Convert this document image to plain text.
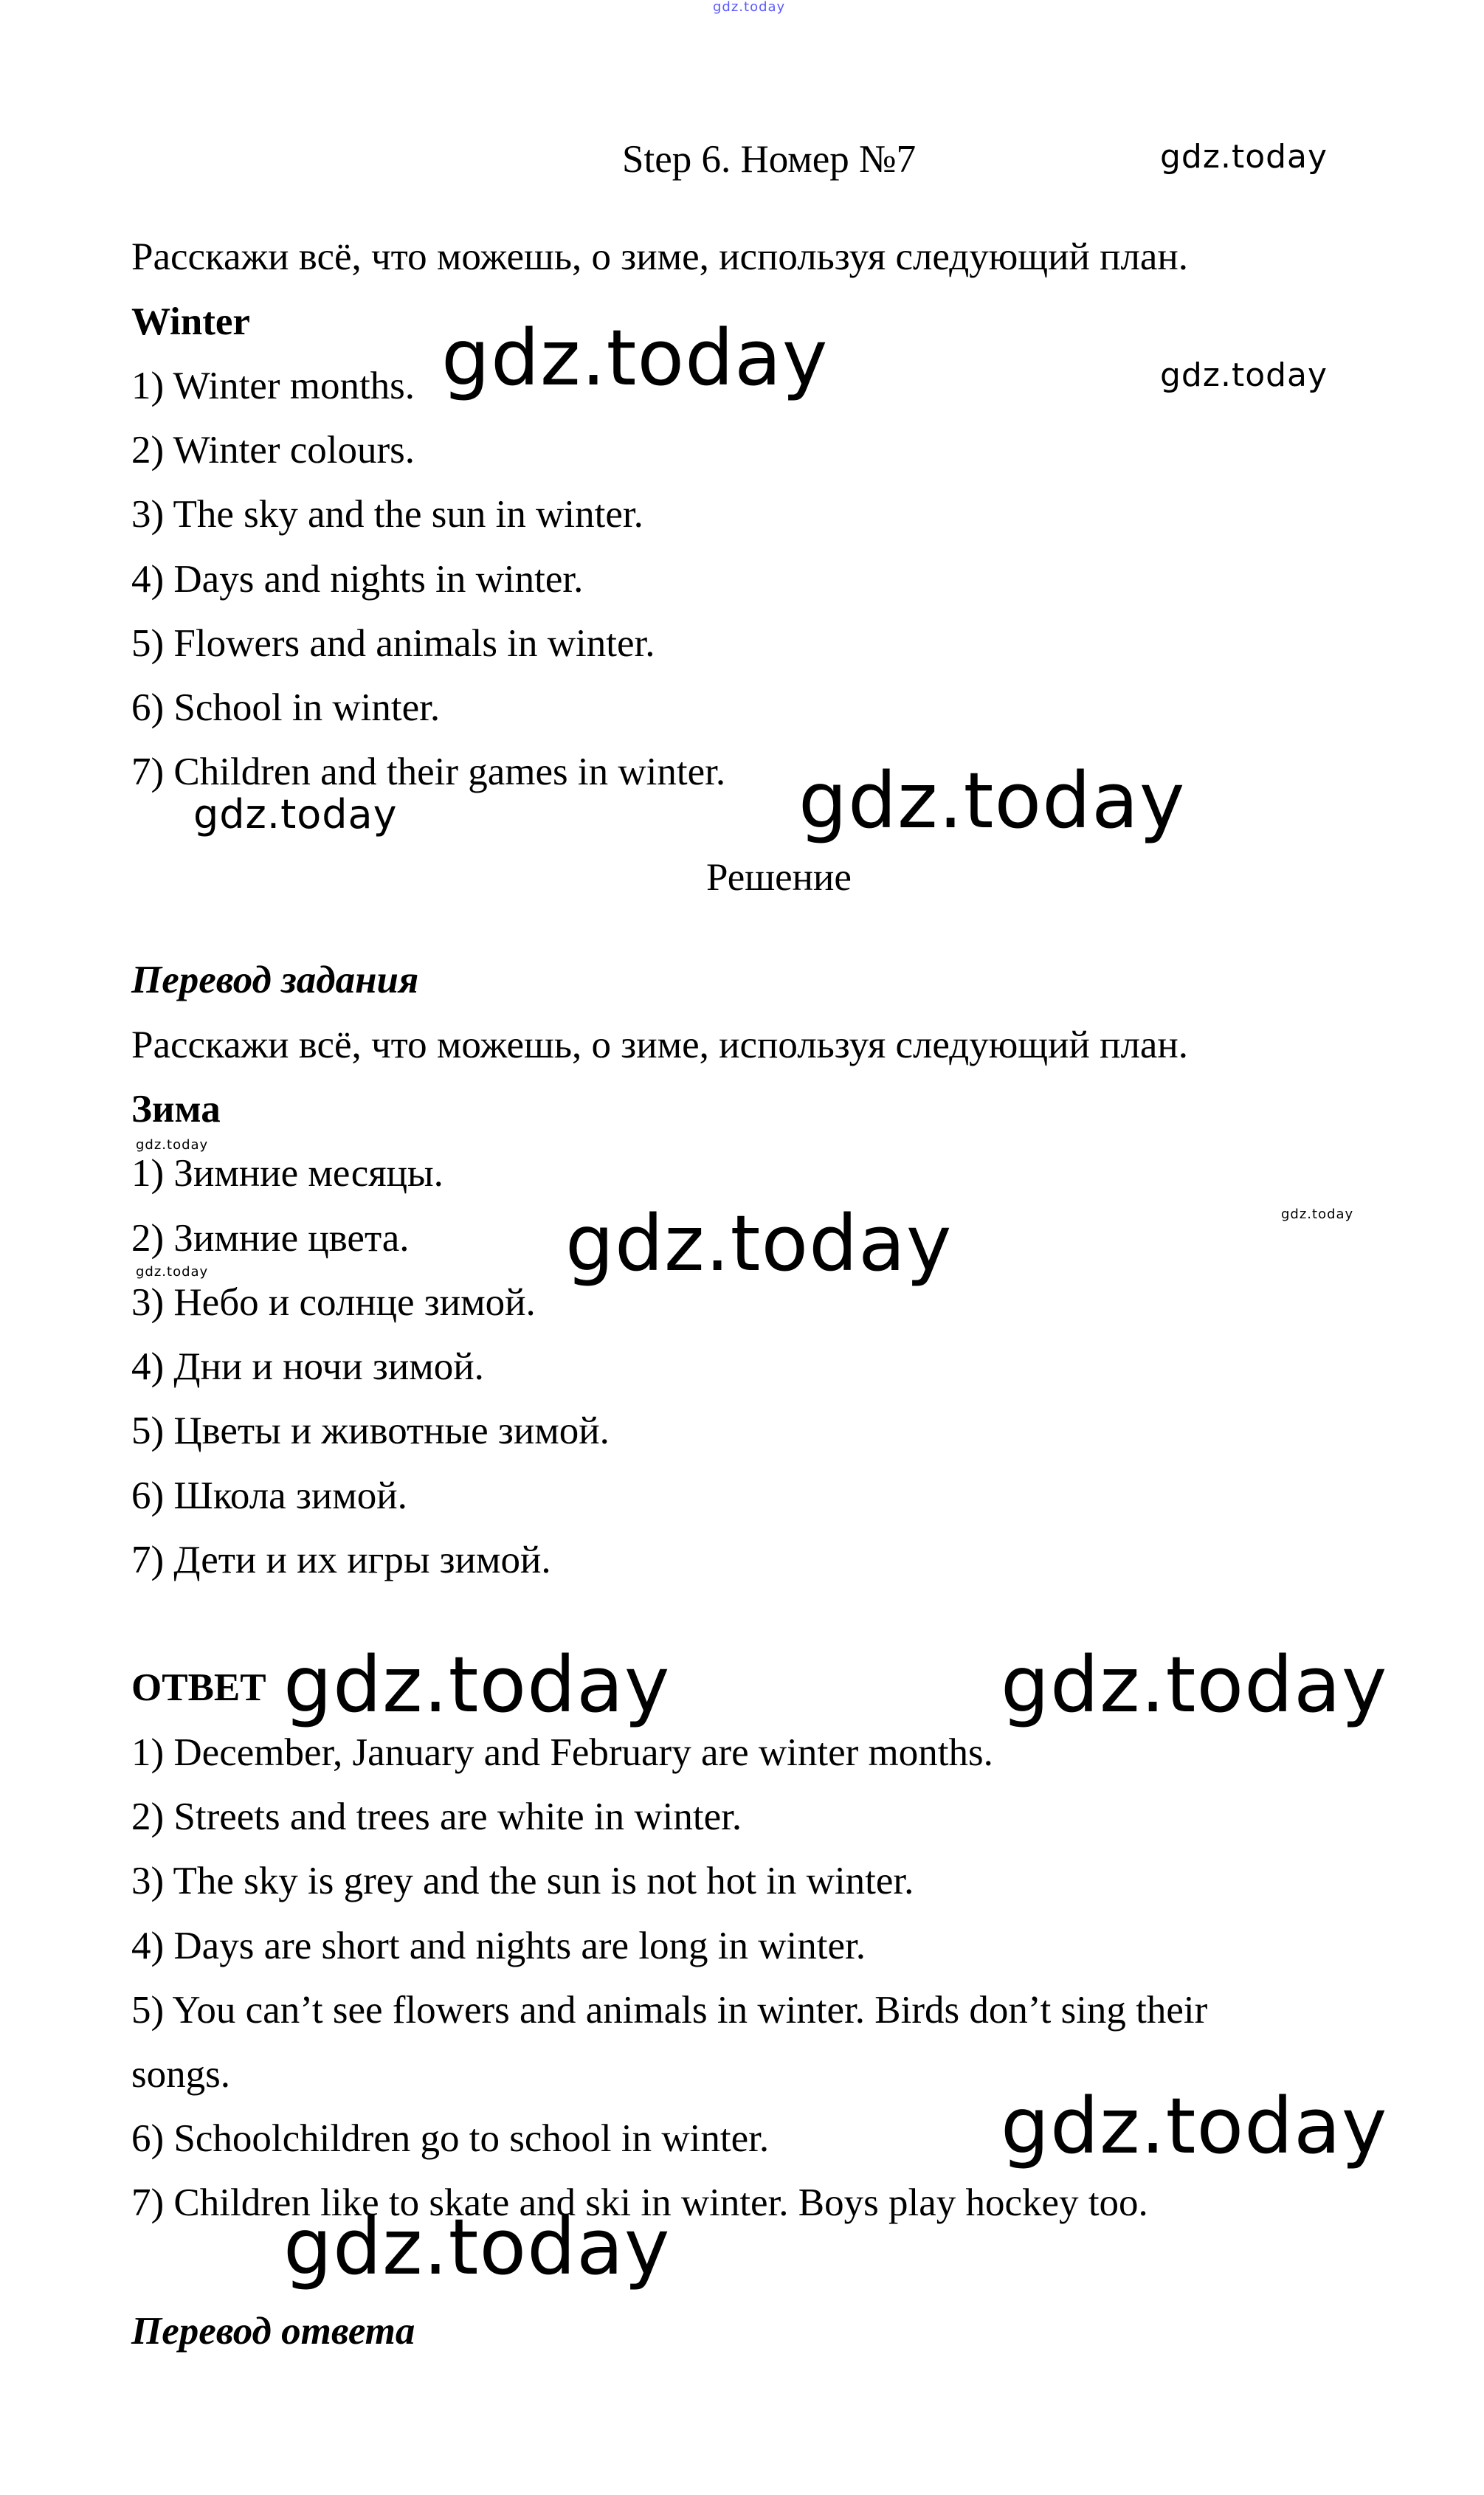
Step 6. Номер №7
Расскажи всё, что можешь, о зиме, используя следующий план.
Winter
1) Winter months.
2) Winter colours.
3) The sky and the sun in winter.
4) Days and nights in winter.
5) Flowers and animals in winter.
6) School in winter.
7) Children and their games in winter.
Решение
Перевод задания
Расскажи всё, что можешь, о зиме, используя следующий план.
Зима
1) Зимние месяцы.
2) Зимние цвета.
3) Небо и солнце зимой.
4) Дни и ночи зимой.
5) Цветы и животные зимой.
6) Школа зимой.
7) Дети и их игры зимой.
ОТВЕТ
1) December, January and February are winter months.
2) Streets and trees are white in winter.
3) The sky is grey and the sun is not hot in winter.
4) Days are short and nights are long in winter.
5) You can’t see flowers and animals in winter. Birds don’t sing their
songs.
6) Schoolchildren go to school in winter.
7) Children like to skate and ski in winter. Boys play hockey too.
Перевод ответа
gdz.today
gdz.today
gdz.today	gdz.today
gdz.today
gdz.today
gdz.today
gdz.today
gdz.today
gdz.today
gdz.today	gdz.today
gdz.today
gdz.today
